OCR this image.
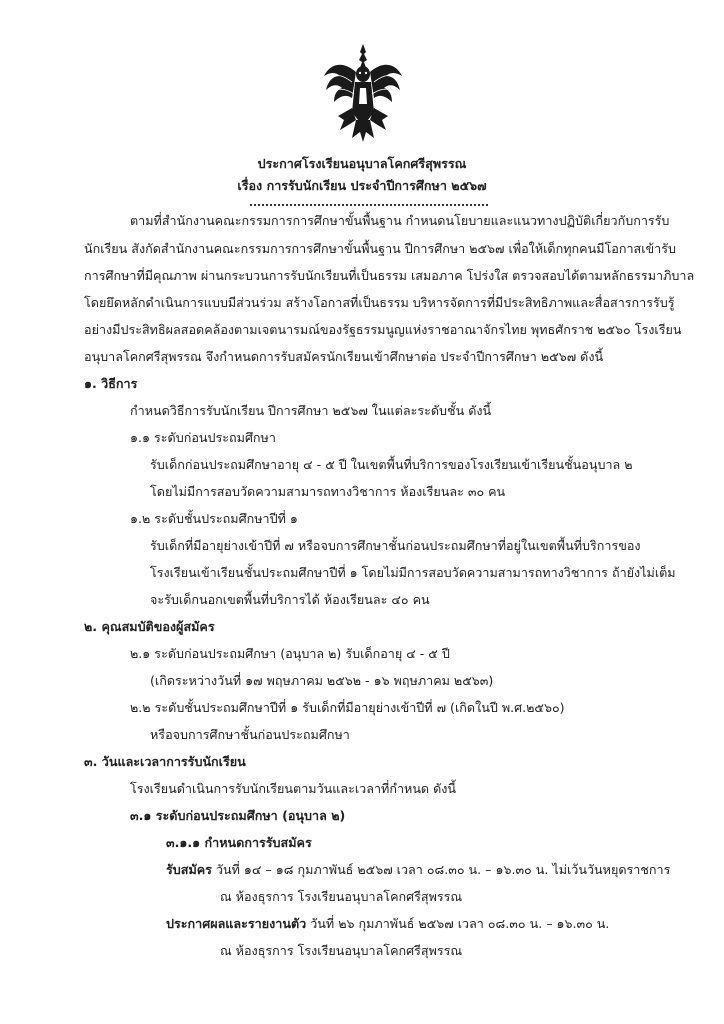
ประกาศโรงเรียนอนุบาลโคกศรีสุพรรณ
เรื่อง การรับนักเรียน ประจำปีการศึกษา ๒๕๖๗
ตามที่สำนักงานคณะกรรมการการศึกษาขั้นพื้นฐาน กำหนดนโยบายและแนวทางปฏิบัติเกี่ยวกับการรับ
นักเรียน สังกัดสำนักงานคณะกรรมการการศึกษาขั้นพื้นฐาน ปีการศึกษา ๒๕๖๗ เพื่อให้เด็กทุกคนมีโอกาสเข้ารับ
การศึกษาที่มีคุณภาพ ผ่านกระบวนการรับนักเรียนที่เป็นธรรม เสมอภาค โปร่งใส ตรวจสอบได้ตามหลักธรรมาภิบาล
โดยยึดหลักดำเนินการแบบมีส่วนร่วม สร้างโอกาสที่เป็นธรรม บริหารจัดการที่มีประสิทธิภาพและสื่อสารการรับรู้
อย่างมีประสิทธิผลสอดคล้องตามเจตนารมณ์ของรัฐธรรมนูญแห่งราชอาณาจักรไทย พุทธศักราช ๒๕๖๐ โรงเรียน
อนุบาลโคกศรีสุพรรณ จึงกำหนดการรับสมัครนักเรียนเข้าศึกษาต่อ ประจำปีการศึกษา ๒๕๖๗ ดังนี้
๑. วิธีการ
กำหนดวิธีการรับนักเรียน ปีการศึกษา ๒๕๖๗ ในแต่ละระดับชั้น ดังนี้
๑.๑ ระดับก่อนประถมศึกษา
รับเด็กก่อนประถมศึกษาอายุ ๔ - ๕ ปี ในเขตพื้นที่บริการของโรงเรียนเข้าเรียนชั้นอนุบาล ๒
โดยไม่มีการสอบวัดความสามารถทางวิชาการ ห้องเรียนละ ๓๐ คน
๑.๒ ระดับชั้นประถมศึกษาปีที่ ๑
รับเด็กที่มีอายุย่างเข้าปีที่ ๗ หรือจบการศึกษาชั้นก่อนประถมศึกษาที่อยู่ในเขตพื้นที่บริการของ
โรงเรียนเข้าเรียนชั้นประถมศึกษาปีที่ ๑ โดยไม่มีการสอบวัดความสามารถทางวิชาการ ถ้ายังไม่เต็ม
จะรับเด็กนอกเขตพื้นที่บริการได้ ห้องเรียนละ ๔๐ คน
๒. คุณสมบัติของผู้สมัคร
๒.๑ ระดับก่อนประถมศึกษา (อนุบาล ๒) รับเด็กอายุ ๔ - ๕ ปี
(เกิดระหว่างวันที่ ๑๗ พฤษภาคม ๒๕๖๒ - ๑๖ พฤษภาคม ๒๕๖๓)
๒.๒ ระดับชั้นประถมศึกษาปีที่ ๑ รับเด็กที่มีอายุย่างเข้าปีที่ ๗ (เกิดในปี พ.ศ.๒๕๖๐)
หรือจบการศึกษาชั้นก่อนประถมศึกษา
๓. วันและเวลาการรับนักเรียน
โรงเรียนดำเนินการรับนักเรียนตามวันและเวลาที่กำหนด ดังนี้
๓.๑ ระดับก่อนประถมศึกษา (อนุบาล ๒)
๓.๑.๑ กำหนดการรับสมัคร
รับสมัคร วันที่ ๑๔ – ๑๘ กุมภาพันธ์ ๒๕๖๗ เวลา ๐๘.๓๐ น. – ๑๖.๓๐ น. ไม่เว้นวันหยุดราชการ
ณ ห้องธุรการ โรงเรียนอนุบาลโคกศรีสุพรรณ
ประกาศผลและรายงานตัว วันที่ ๒๖ กุมภาพันธ์ ๒๕๖๗ เวลา ๐๘.๓๐ น. – ๑๖.๓๐ น.
ณ ห้องธุรการ โรงเรียนอนุบาลโคกศรีสุพรรณ
